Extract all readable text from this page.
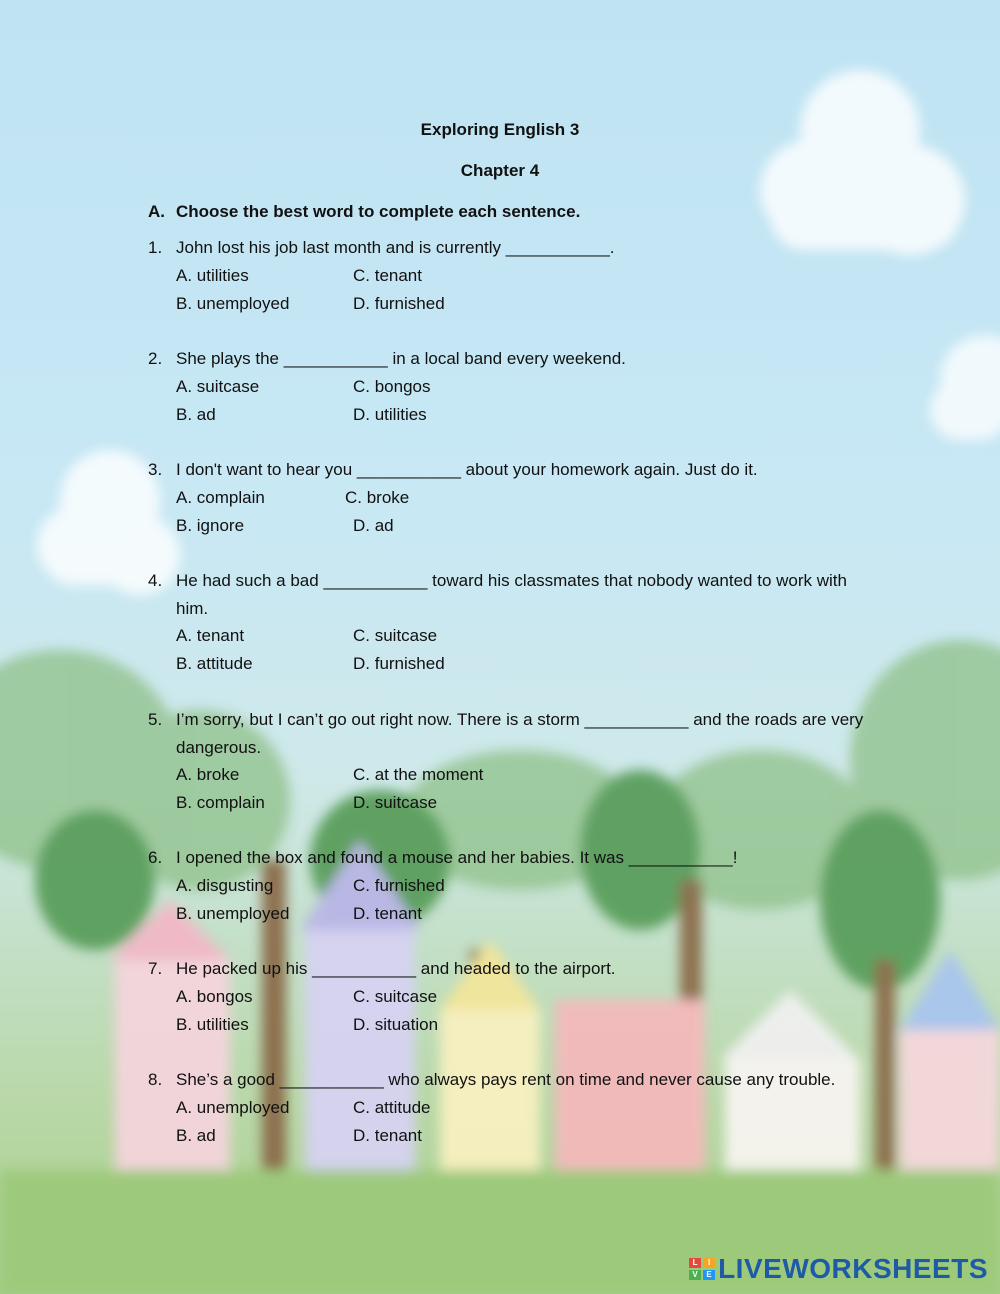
Exploring English 3
Chapter 4
A. Choose the best word to complete each sentence.
1. John lost his job last month and is currently ___________.
A. utilities	C. tenant
B. unemployed	D. furnished
2. She plays the ___________ in a local band every weekend.
A. suitcase	C. bongos
B. ad	D. utilities
3. I don't want to hear you ___________ about your homework again. Just do it.
A. complain	C. broke
B. ignore	D. ad
4. He had such a bad ___________ toward his classmates that nobody wanted to work with him.
A. tenant	C. suitcase
B. attitude	D. furnished
5. I’m sorry, but I can’t go out right now. There is a storm ___________ and the roads are very dangerous.
A. broke	C. at the moment
B. complain	D. suitcase
6. I opened the box and found a mouse and her babies. It was ___________!
A. disgusting	C. furnished
B. unemployed	D. tenant
7. He packed up his ___________ and headed to the airport.
A. bongos	C. suitcase
B. utilities	D. situation
8. She’s a good ___________ who always pays rent on time and never cause any trouble.
A. unemployed	C. attitude
B. ad	D. tenant
L	I
V	E LIVEWORKSHEETS
